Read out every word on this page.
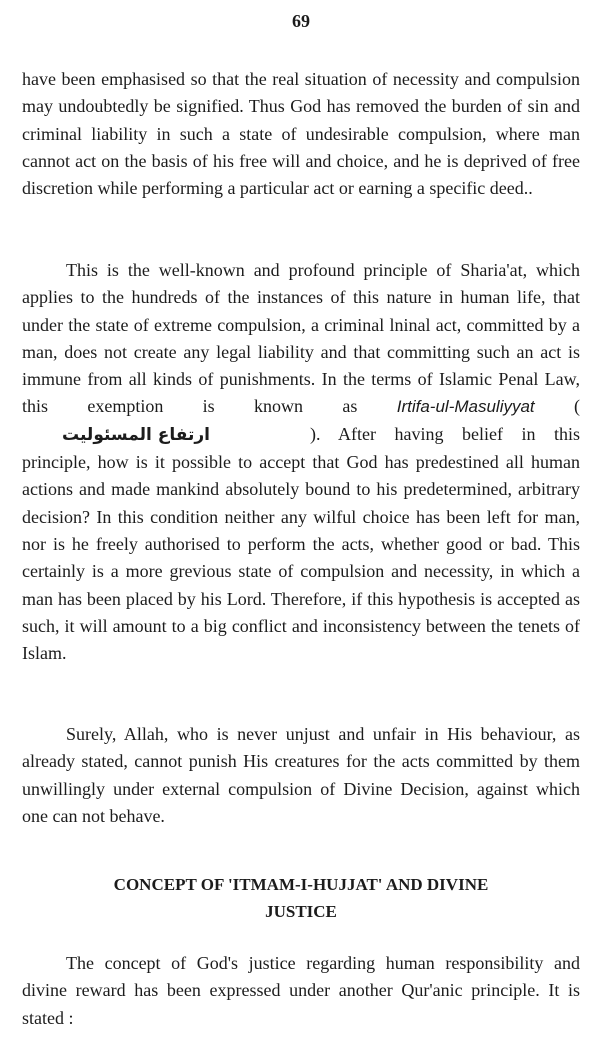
69

have been emphasised so that the real situation of necessity and compulsion may undoubtedly be signified. Thus God has removed the burden of sin and criminal liability in such a state of undesirable compulsion, where man cannot act on the basis of his free will and choice, and he is deprived of free discretion while performing a particular act or earning a specific deed..

This is the well-known and profound principle of Sharia'at, which applies to the hundreds of the instances of this nature in human life, that under the state of extreme compulsion, a criminal lninal act, committed by a man, does not create any legal liability and that committing such an act is immune from all kinds of punishments. In the terms of Islamic Penal Law, this exemption is known as Irtifa-ul-Masuliyyat (ارتفاع المسئوليت	). After having belief in this principle, how is it possible to accept that God has predestined all human actions and made mankind absolutely bound to his predetermined, arbitrary decision? In this condition neither any wilful choice has been left for man, nor is he freely authorised to perform the acts, whether good or bad. This certainly is a more grevious state of compulsion and necessity, in which a man has been placed by his Lord. Therefore, if this hypothesis is accepted as such, it will amount to a big conflict and inconsistency between the tenets of Islam.

Surely, Allah, who is never unjust and unfair in His behaviour, as already stated, cannot punish His creatures for the acts committed by them unwillingly under external compulsion of Divine Decision, against which one can not behave.

CONCEPT OF 'ITMAM-I-HUJJAT' AND DIVINE
JUSTICE

The concept of God's justice regarding human responsibility and divine reward has been expressed under another Qur'anic principle. It is stated :
